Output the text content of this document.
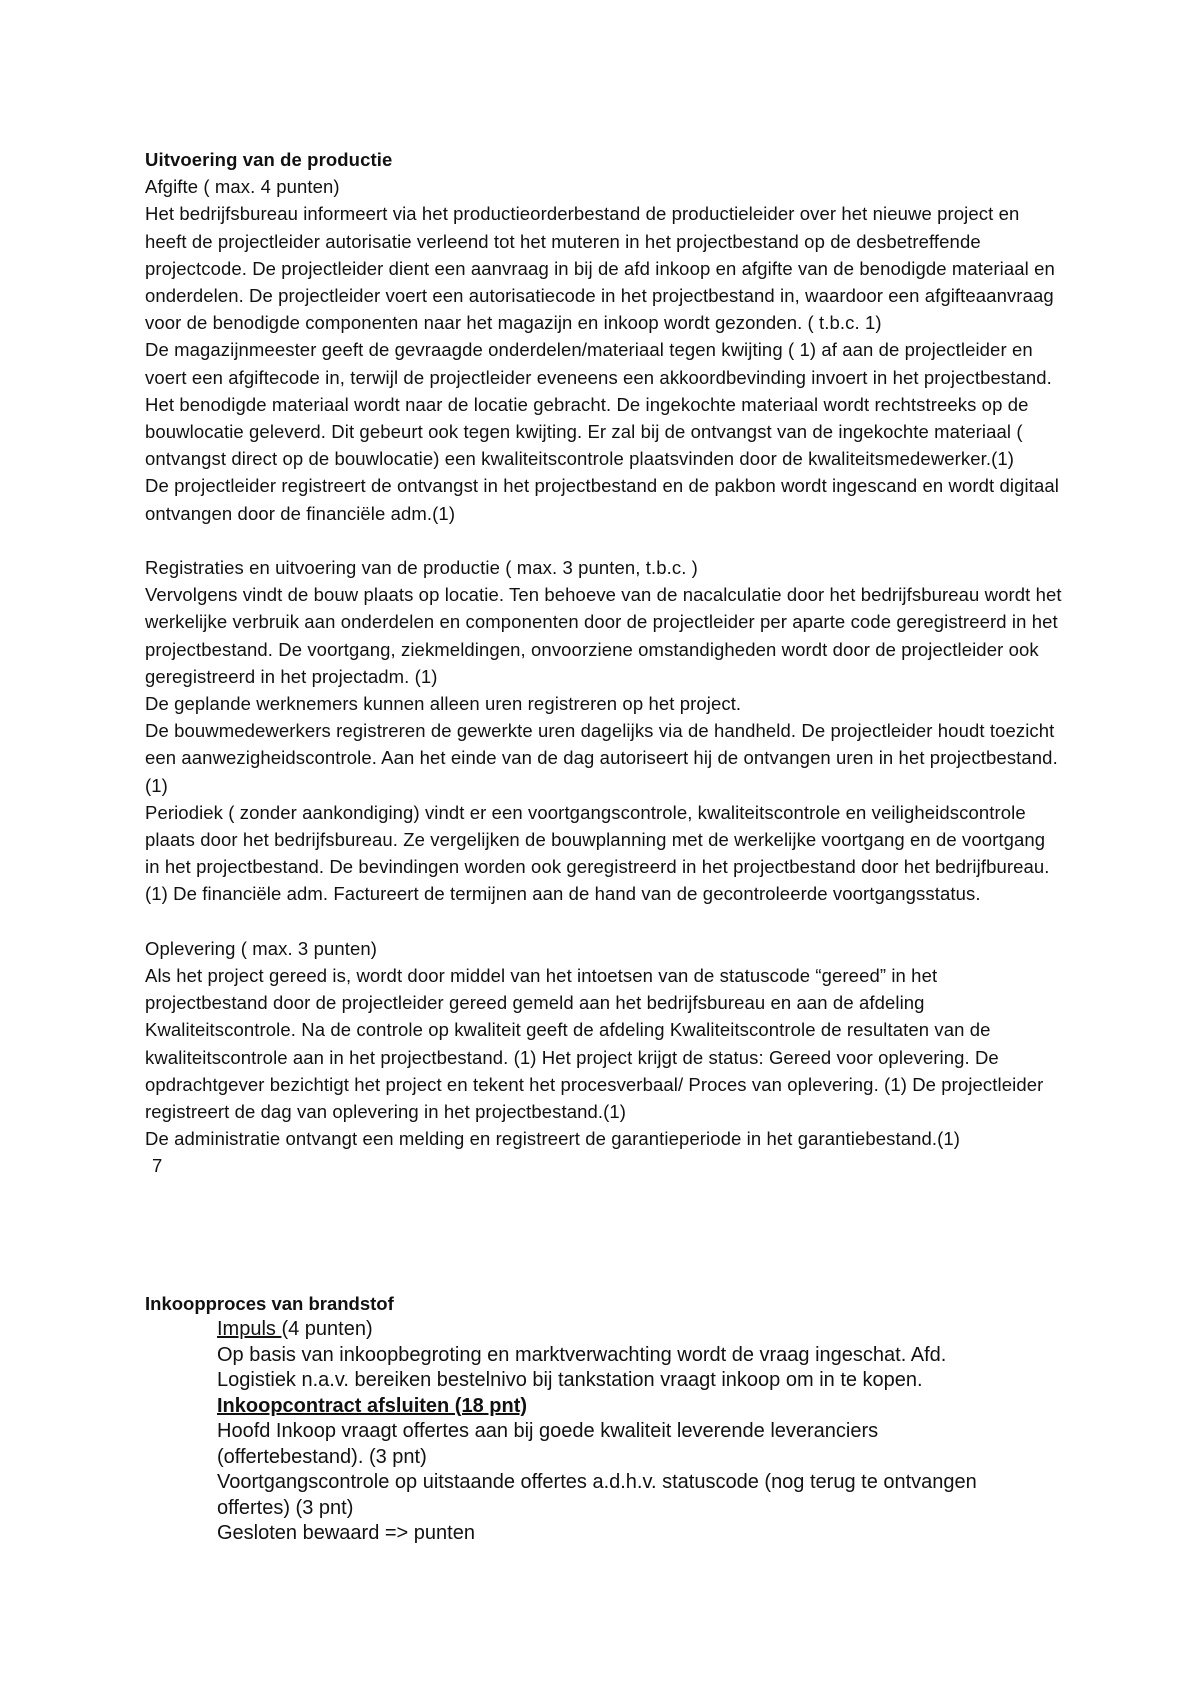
Uitvoering van de productie

Afgifte ( max. 4 punten)

Het bedrijfsbureau informeert via het productieorderbestand de productieleider over het nieuwe project en heeft de projectleider autorisatie verleend tot het muteren in het projectbestand op de desbetreffende projectcode. De projectleider dient een aanvraag in bij de afd inkoop en afgifte van de benodigde materiaal en onderdelen. De projectleider voert een autorisatiecode in het projectbestand in, waardoor een afgifteaanvraag voor de benodigde componenten naar het magazijn en inkoop wordt gezonden. ( t.b.c. 1)

De magazijnmeester geeft de gevraagde onderdelen/materiaal tegen kwijting ( 1) af aan de projectleider en voert een afgiftecode in, terwijl de projectleider eveneens een akkoordbevinding invoert in het projectbestand. Het benodigde materiaal wordt naar de locatie gebracht. De ingekochte materiaal wordt rechtstreeks op de bouwlocatie geleverd. Dit gebeurt ook tegen kwijting. Er zal bij de ontvangst van de ingekochte materiaal ( ontvangst direct op de bouwlocatie) een kwaliteitscontrole plaatsvinden door de kwaliteitsmedewerker.(1)

De projectleider registreert de ontvangst in het projectbestand en de pakbon wordt ingescand en wordt digitaal ontvangen door de financiële adm.(1)

Registraties en uitvoering van de productie ( max. 3 punten, t.b.c. )

Vervolgens vindt de bouw plaats op locatie. Ten behoeve van de nacalculatie door het bedrijfsbureau wordt het werkelijke verbruik aan onderdelen en componenten door de projectleider per aparte code geregistreerd in het projectbestand. De voortgang, ziekmeldingen, onvoorziene omstandigheden wordt door de projectleider ook geregistreerd in het projectadm. (1)

De geplande werknemers kunnen alleen uren registreren op het project.

De bouwmedewerkers registreren de gewerkte uren dagelijks via de handheld. De projectleider houdt toezicht een aanwezigheidscontrole. Aan het einde van de dag autoriseert hij de ontvangen uren in het projectbestand. (1)

Periodiek ( zonder aankondiging) vindt er een voortgangscontrole, kwaliteitscontrole en veiligheidscontrole plaats door het bedrijfsbureau. Ze vergelijken de bouwplanning met de werkelijke voortgang en de voortgang in het projectbestand. De bevindingen worden ook geregistreerd in het projectbestand door het bedrijfbureau.(1) De financiële adm. Factureert de termijnen aan de hand van de gecontroleerde voortgangsstatus.

Oplevering ( max. 3 punten)

Als het project gereed is, wordt door middel van het intoetsen van de statuscode “gereed” in het projectbestand door de projectleider gereed gemeld aan het bedrijfsbureau en aan de afdeling Kwaliteitscontrole. Na de controle op kwaliteit geeft de afdeling Kwaliteitscontrole de resultaten van de kwaliteitscontrole aan in het projectbestand. (1) Het project krijgt de status: Gereed voor oplevering. De opdrachtgever bezichtigt het project en tekent het procesverbaal/ Proces van oplevering. (1) De projectleider registreert de dag van oplevering in het projectbestand.(1)

De administratie ontvangt een melding en registreert de garantieperiode in het garantiebestand.(1)

7

Inkoopproces van brandstof

Impuls (4 punten)

Op basis van inkoopbegroting en marktverwachting wordt de vraag ingeschat. Afd.

Logistiek n.a.v. bereiken bestelnivo bij tankstation vraagt inkoop om in te kopen.

Inkoopcontract afsluiten (18 pnt)

Hoofd Inkoop vraagt offertes aan bij goede kwaliteit leverende leveranciers

(offertebestand). (3 pnt)

Voortgangscontrole op uitstaande offertes a.d.h.v. statuscode (nog terug te ontvangen

offertes) (3 pnt)

Gesloten bewaard => punten
